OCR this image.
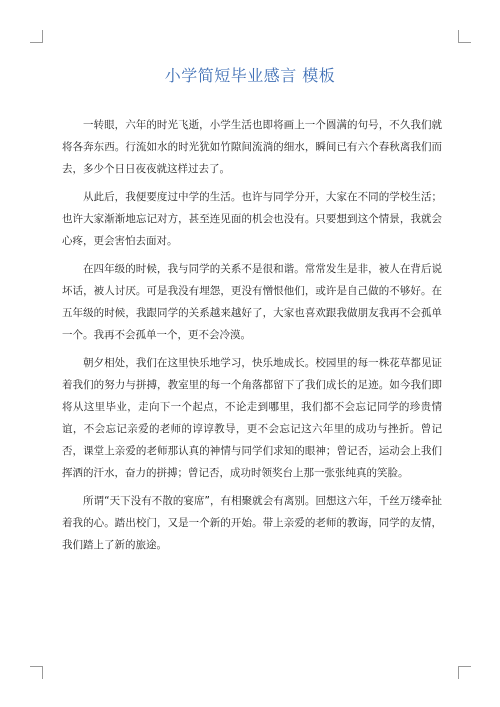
小学简短毕业感言 模板

一转眼，六年的时光飞逝，小学生活也即将画上一个圆满的句号，不久我们就将各奔东西。行流如水的时光犹如竹隙间流淌的细水，瞬间已有六个春秋离我们而去，多少个日日夜夜就这样过去了。

从此后，我便要度过中学的生活。也许与同学分开，大家在不同的学校生活；也许大家渐渐地忘记对方，甚至连见面的机会也没有。只要想到这个情景，我就会心疼，更会害怕去面对。

在四年级的时候，我与同学的关系不是很和谐。常常发生是非，被人在背后说坏话，被人讨厌。可是我没有埋怨，更没有憎恨他们，或许是自己做的不够好。在五年级的时候，我跟同学的关系越来越好了，大家也喜欢跟我做朋友我再不会孤单一个。我再不会孤单一个，更不会冷漠。

朝夕相处，我们在这里快乐地学习，快乐地成长。校园里的每一株花草都见证着我们的努力与拼搏，教室里的每一个角落都留下了我们成长的足迹。如今我们即将从这里毕业，走向下一个起点，不论走到哪里，我们都不会忘记同学的珍贵情谊，不会忘记亲爱的老师的谆谆教导，更不会忘记这六年里的成功与挫折。曾记否，课堂上亲爱的老师那认真的神情与同学们求知的眼神；曾记否，运动会上我们挥洒的汗水，奋力的拼搏；曾记否，成功时领奖台上那一张张纯真的笑脸。

所谓“天下没有不散的宴席”，有相聚就会有离别。回想这六年，千丝万缕牵扯着我的心。踏出校门，又是一个新的开始。带上亲爱的老师的教诲，同学的友情，我们踏上了新的旅途。
